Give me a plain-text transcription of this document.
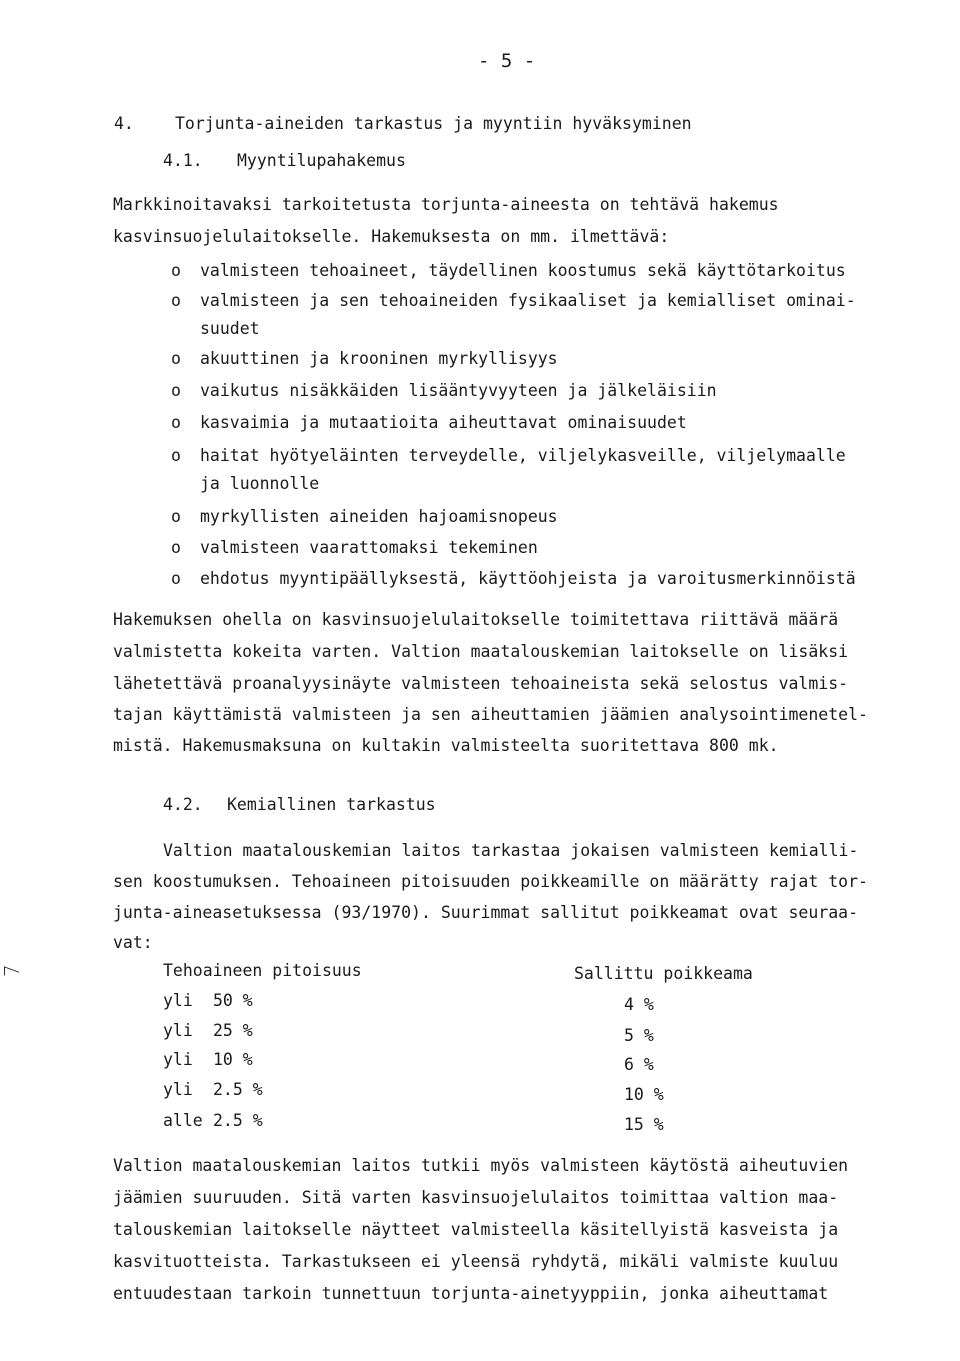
- 5 -
4. Torjunta-aineiden tarkastus ja myyntiin hyväksyminen
4.1. Myyntilupahakemus
Markkinoitavaksi tarkoitetusta torjunta-aineesta on tehtävä hakemus
kasvinsuojelulaitokselle. Hakemuksesta on mm. ilmettävä:
o valmisteen tehoaineet, täydellinen koostumus sekä käyttötarkoitus
o valmisteen ja sen tehoaineiden fysikaaliset ja kemialliset ominai-
suudet
o akuuttinen ja krooninen myrkyllisyys
o vaikutus nisäkkäiden lisääntyvyyteen ja jälkeläisiin
o kasvaimia ja mutaatioita aiheuttavat ominaisuudet
o haitat hyötyeläinten terveydelle, viljelykasveille, viljelymaalle
ja luonnolle
o myrkyllisten aineiden hajoamisnopeus
o valmisteen vaarattomaksi tekeminen
o ehdotus myyntipäällyksestä, käyttöohjeista ja varoitusmerkinnöistä
Hakemuksen ohella on kasvinsuojelulaitokselle toimitettava riittävä määrä
valmistetta kokeita varten. Valtion maatalouskemian laitokselle on lisäksi
lähetettävä proanalyysinäyte valmisteen tehoaineista sekä selostus valmis-
tajan käyttämistä valmisteen ja sen aiheuttamien jäämien analysointimenetel-
mistä. Hakemusmaksuna on kultakin valmisteelta suoritettava 800 mk.
4.2. Kemiallinen tarkastus
Valtion maatalouskemian laitos tarkastaa jokaisen valmisteen kemialli-
sen koostumuksen. Tehoaineen pitoisuuden poikkeamille on määrätty rajat tor-
junta-aineasetuksessa (93/1970). Suurimmat sallitut poikkeamat ovat seuraa-
vat:
Tehoaineen pitoisuus	Sallittu poikkeama
yli 50 %	4 %
yli 25 %	5 %
yli 10 %	6 %
yli 2.5 %	10 %
alle 2.5 %	15 %
Valtion maatalouskemian laitos tutkii myös valmisteen käytöstä aiheutuvien
jäämien suuruuden. Sitä varten kasvinsuojelulaitos toimittaa valtion maa-
talouskemian laitokselle näytteet valmisteella käsitellyistä kasveista ja
kasvituotteista. Tarkastukseen ei yleensä ryhdytä, mikäli valmiste kuuluu
entuudestaan tarkoin tunnettuun torjunta-ainetyyppiin, jonka aiheuttamat
